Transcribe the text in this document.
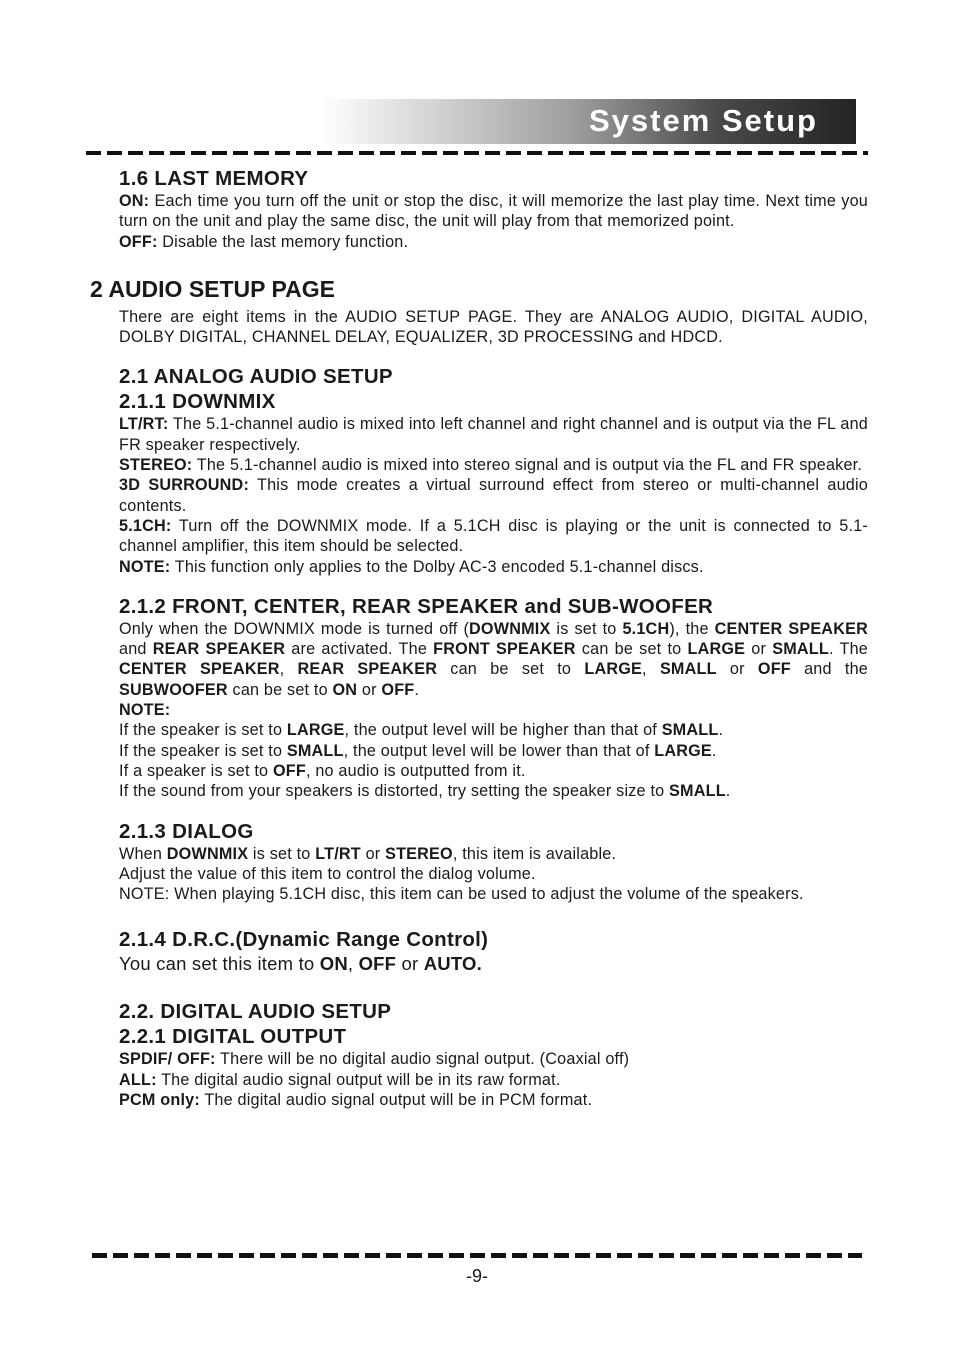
System Setup
1.6 LAST MEMORY
ON: Each time you turn off the unit or stop the disc, it will memorize the last play time. Next time you turn on the unit and play the same disc, the unit will play from that memorized point.
OFF: Disable the last memory function.
2 AUDIO SETUP PAGE
There are eight items in the AUDIO SETUP PAGE. They are ANALOG AUDIO, DIGITAL AUDIO, DOLBY DIGITAL, CHANNEL DELAY, EQUALIZER, 3D PROCESSING and HDCD.
2.1 ANALOG AUDIO SETUP
2.1.1 DOWNMIX
LT/RT: The 5.1-channel audio is mixed into left channel and right channel and is output via the FL and FR speaker respectively.
STEREO: The 5.1-channel audio is mixed into stereo signal and is output via the FL and FR speaker.
3D SURROUND: This mode creates a virtual surround effect from stereo or multi-channel audio contents.
5.1CH: Turn off the DOWNMIX mode. If a 5.1CH disc is playing or the unit is connected to 5.1-channel amplifier, this item should be selected.
NOTE: This function only applies to the Dolby AC-3 encoded 5.1-channel discs.
2.1.2 FRONT, CENTER, REAR SPEAKER and SUB-WOOFER
Only when the DOWNMIX mode is turned off (DOWNMIX is set to 5.1CH), the CENTER SPEAKER and REAR SPEAKER are activated. The FRONT SPEAKER can be set to LARGE or SMALL. The CENTER SPEAKER, REAR SPEAKER can be set to LARGE, SMALL or OFF and the SUBWOOFER can be set to ON or OFF.
NOTE:
If the speaker is set to LARGE, the output level will be higher than that of SMALL.
If the speaker is set to SMALL, the output level will be lower than that of LARGE.
If a speaker is set to OFF, no audio is outputted from it.
If the sound from your speakers is distorted, try setting the speaker size to SMALL.
2.1.3 DIALOG
When DOWNMIX is set to LT/RT or STEREO, this item is available.
Adjust the value of this item to control the dialog volume.
NOTE: When playing 5.1CH disc, this item can be used to adjust the volume of the speakers.
2.1.4 D.R.C.(Dynamic Range Control)
You can set this item to ON, OFF or AUTO.
2.2. DIGITAL AUDIO SETUP
2.2.1 DIGITAL OUTPUT
SPDIF/ OFF: There will be no digital audio signal output. (Coaxial off)
ALL: The digital audio signal output will be in its raw format.
PCM only: The digital audio signal output will be in PCM format.
-9-
